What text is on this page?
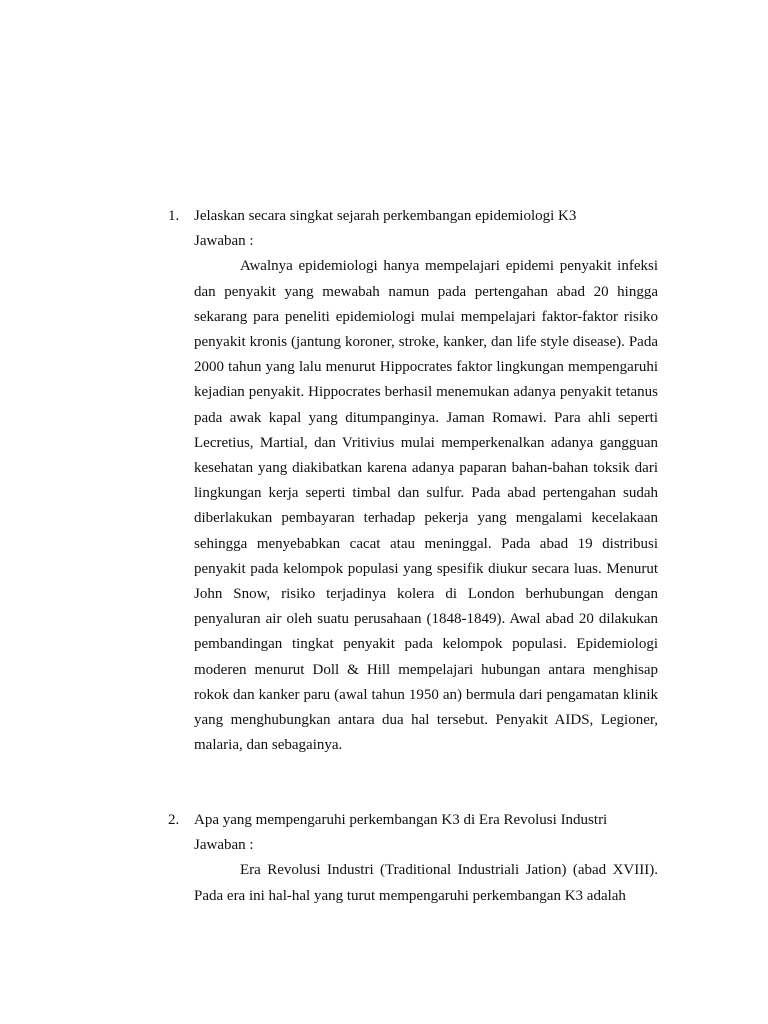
1. Jelaskan secara singkat sejarah perkembangan epidemiologi K3
Jawaban :

Awalnya epidemiologi hanya mempelajari epidemi penyakit infeksi dan penyakit yang mewabah namun pada pertengahan abad 20 hingga sekarang para peneliti epidemiologi mulai mempelajari faktor-faktor risiko penyakit kronis (jantung koroner, stroke, kanker, dan life style disease). Pada 2000 tahun yang lalu menurut Hippocrates faktor lingkungan mempengaruhi kejadian penyakit. Hippocrates berhasil menemukan adanya penyakit tetanus pada awak kapal yang ditumpanginya. Jaman Romawi. Para ahli seperti Lecretius, Martial, dan Vritivius mulai memperkenalkan adanya gangguan kesehatan yang diakibatkan karena adanya paparan bahan-bahan toksik dari lingkungan kerja seperti timbal dan sulfur. Pada abad pertengahan sudah diberlakukan pembayaran terhadap pekerja yang mengalami kecelakaan sehingga menyebabkan cacat atau meninggal. Pada abad 19 distribusi penyakit pada kelompok populasi yang spesifik diukur secara luas. Menurut John Snow, risiko terjadinya kolera di London berhubungan dengan penyaluran air oleh suatu perusahaan (1848-1849). Awal abad 20 dilakukan pembandingan tingkat penyakit pada kelompok populasi. Epidemiologi moderen menurut Doll & Hill mempelajari hubungan antara menghisap rokok dan kanker paru (awal tahun 1950 an) bermula dari pengamatan klinik yang menghubungkan antara dua hal tersebut. Penyakit AIDS, Legioner, malaria, dan sebagainya.

2. Apa yang mempengaruhi perkembangan K3 di Era Revolusi Industri
Jawaban :

Era Revolusi Industri (Traditional Industriali Jation) (abad XVIII). Pada era ini hal-hal yang turut mempengaruhi perkembangan K3 adalah
